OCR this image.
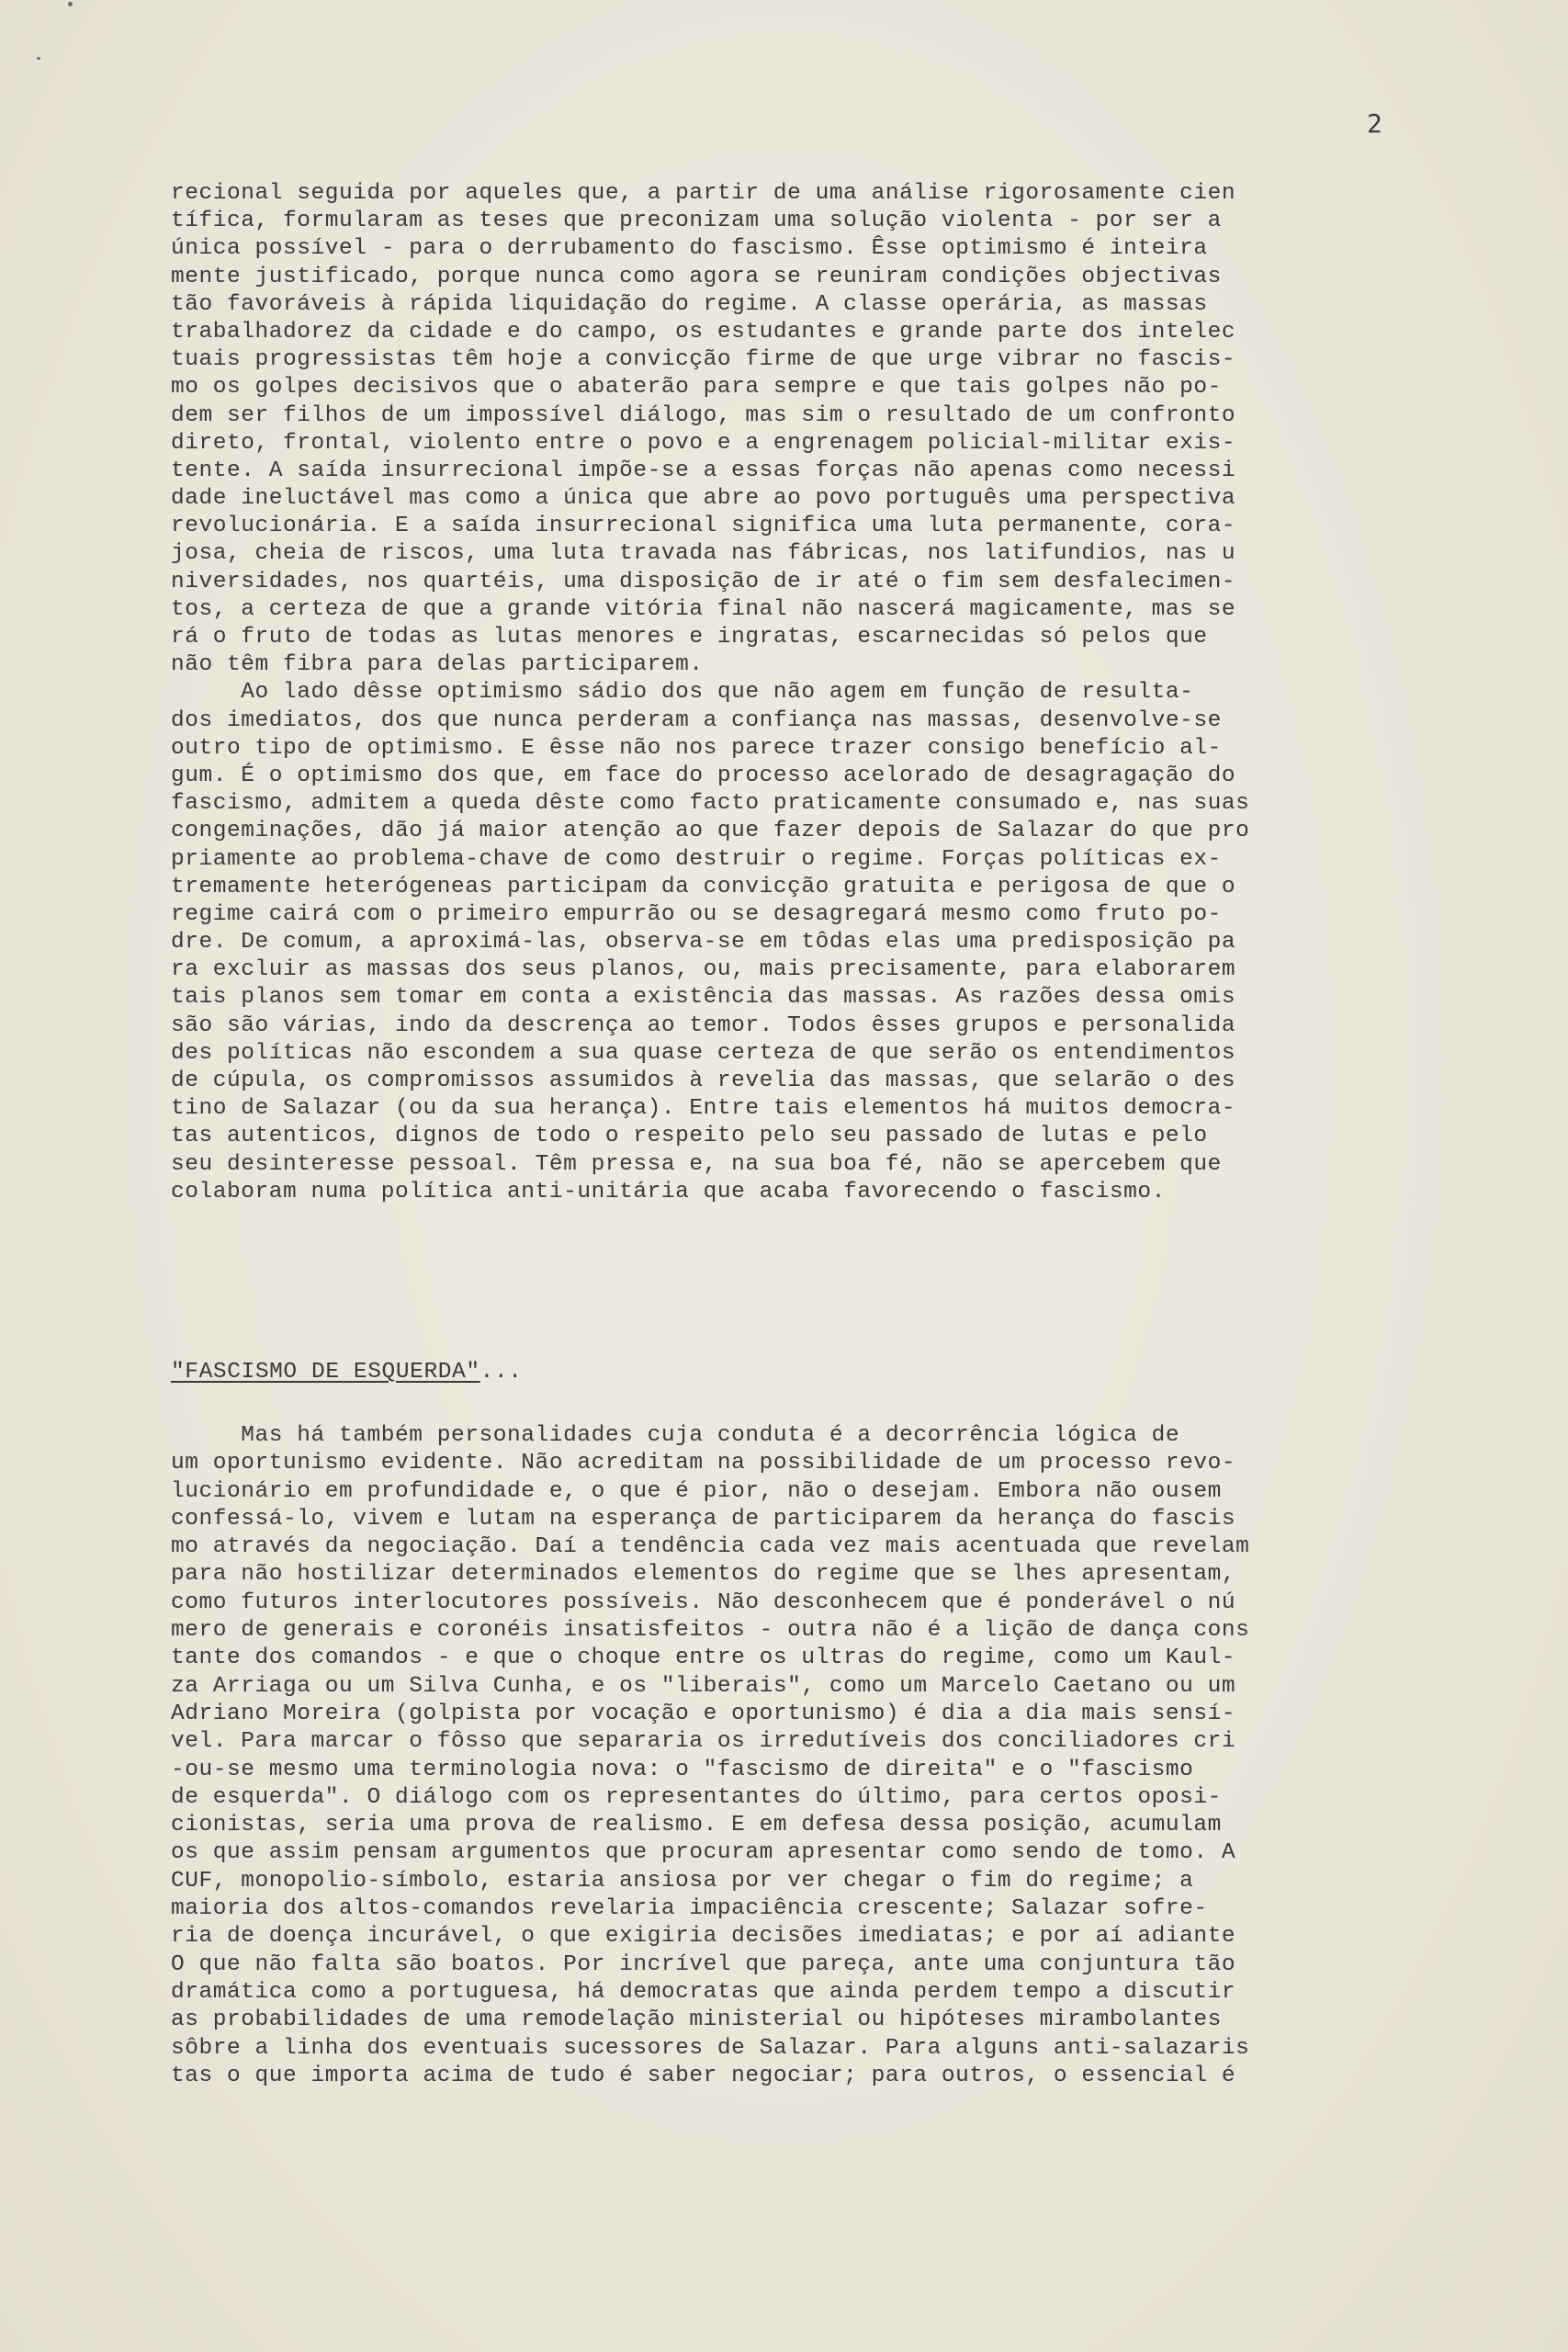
2
recional seguida por aqueles que, a partir de uma análise rigorosamente cien
tífica, formularam as teses que preconizam uma solução violenta - por ser a
única possível - para o derrubamento do fascismo. Êsse optimismo é inteira
mente justificado, porque nunca como agora se reuniram condições objectivas
tão favoráveis à rápida liquidação do regime. A classe operária, as massas
trabalhadorez da cidade e do campo, os estudantes e grande parte dos intelec
tuais progressistas têm hoje a convicção firme de que urge vibrar no fascis-
mo os golpes decisivos que o abaterão para sempre e que tais golpes não po-
dem ser filhos de um impossível diálogo, mas sim o resultado de um confronto
direto, frontal, violento entre o povo e a engrenagem policial-militar exis-
tente. A saída insurrecional impõe-se a essas forças não apenas como necessi
dade ineluctável mas como a única que abre ao povo português uma perspectiva
revolucionária. E a saída insurrecional significa uma luta permanente, cora-
josa, cheia de riscos, uma luta travada nas fábricas, nos latifundios, nas u
niversidades, nos quartéis, uma disposição de ir até o fim sem desfalecimen-
tos, a certeza de que a grande vitória final não nascerá magicamente, mas se
rá o fruto de todas as lutas menores e ingratas, escarnecidas só pelos que
não têm fibra para delas participarem.
Ao lado dêsse optimismo sádio dos que não agem em função de resulta-
dos imediatos, dos que nunca perderam a confiança nas massas, desenvolve-se
outro tipo de optimismo. E êsse não nos parece trazer consigo benefício al-
gum. É o optimismo dos que, em face do processo acelorado de desagragação do
fascismo, admitem a queda dêste como facto praticamente consumado e, nas suas
congeminações, dão já maior atenção ao que fazer depois de Salazar do que pro
priamente ao problema-chave de como destruir o regime. Forças políticas ex-
tremamente heterógeneas participam da convicção gratuita e perigosa de que o
regime cairá com o primeiro empurrão ou se desagregará mesmo como fruto po-
dre. De comum, a aproximá-las, observa-se em tôdas elas uma predisposição pa
ra excluir as massas dos seus planos, ou, mais precisamente, para elaborarem
tais planos sem tomar em conta a existência das massas. As razões dessa omis
são são várias, indo da descrença ao temor. Todos êsses grupos e personalida
des políticas não escondem a sua quase certeza de que serão os entendimentos
de cúpula, os compromissos assumidos à revelia das massas, que selarão o des
tino de Salazar (ou da sua herança). Entre tais elementos há muitos democra-
tas autenticos, dignos de todo o respeito pelo seu passado de lutas e pelo
seu desinteresse pessoal. Têm pressa e, na sua boa fé, não se apercebem que
colaboram numa política anti-unitária que acaba favorecendo o fascismo.
"FASCISMO DE ESQUERDA"...
Mas há também personalidades cuja conduta é a decorrência lógica de
um oportunismo evidente. Não acreditam na possibilidade de um processo revo-
lucionário em profundidade e, o que é pior, não o desejam. Embora não ousem
confessá-lo, vivem e lutam na esperança de participarem da herança do fascis
mo através da negociação. Daí a tendência cada vez mais acentuada que revelam
para não hostilizar determinados elementos do regime que se lhes apresentam,
como futuros interlocutores possíveis. Não desconhecem que é ponderável o nú
mero de generais e coronéis insatisfeitos - outra não é a lição de dança cons
tante dos comandos - e que o choque entre os ultras do regime, como um Kaul-
za Arriaga ou um Silva Cunha, e os "liberais", como um Marcelo Caetano ou um
Adriano Moreira (golpista por vocação e oportunismo) é dia a dia mais sensí-
vel. Para marcar o fôsso que separaria os irredutíveis dos conciliadores cri
-ou-se mesmo uma terminologia nova: o "fascismo de direita" e o "fascismo
de esquerda". O diálogo com os representantes do último, para certos oposi-
cionistas, seria uma prova de realismo. E em defesa dessa posição, acumulam
os que assim pensam argumentos que procuram apresentar como sendo de tomo. A
CUF, monopolio-símbolo, estaria ansiosa por ver chegar o fim do regime; a
maioria dos altos-comandos revelaria impaciência crescente; Salazar sofre-
ria de doença incurável, o que exigiria decisões imediatas; e por aí adiante
O que não falta são boatos. Por incrível que pareça, ante uma conjuntura tão
dramática como a portuguesa, há democratas que ainda perdem tempo a discutir
as probabilidades de uma remodelação ministerial ou hipóteses mirambolantes
sôbre a linha dos eventuais sucessores de Salazar. Para alguns anti-salazaris
tas o que importa acima de tudo é saber negociar; para outros, o essencial é
